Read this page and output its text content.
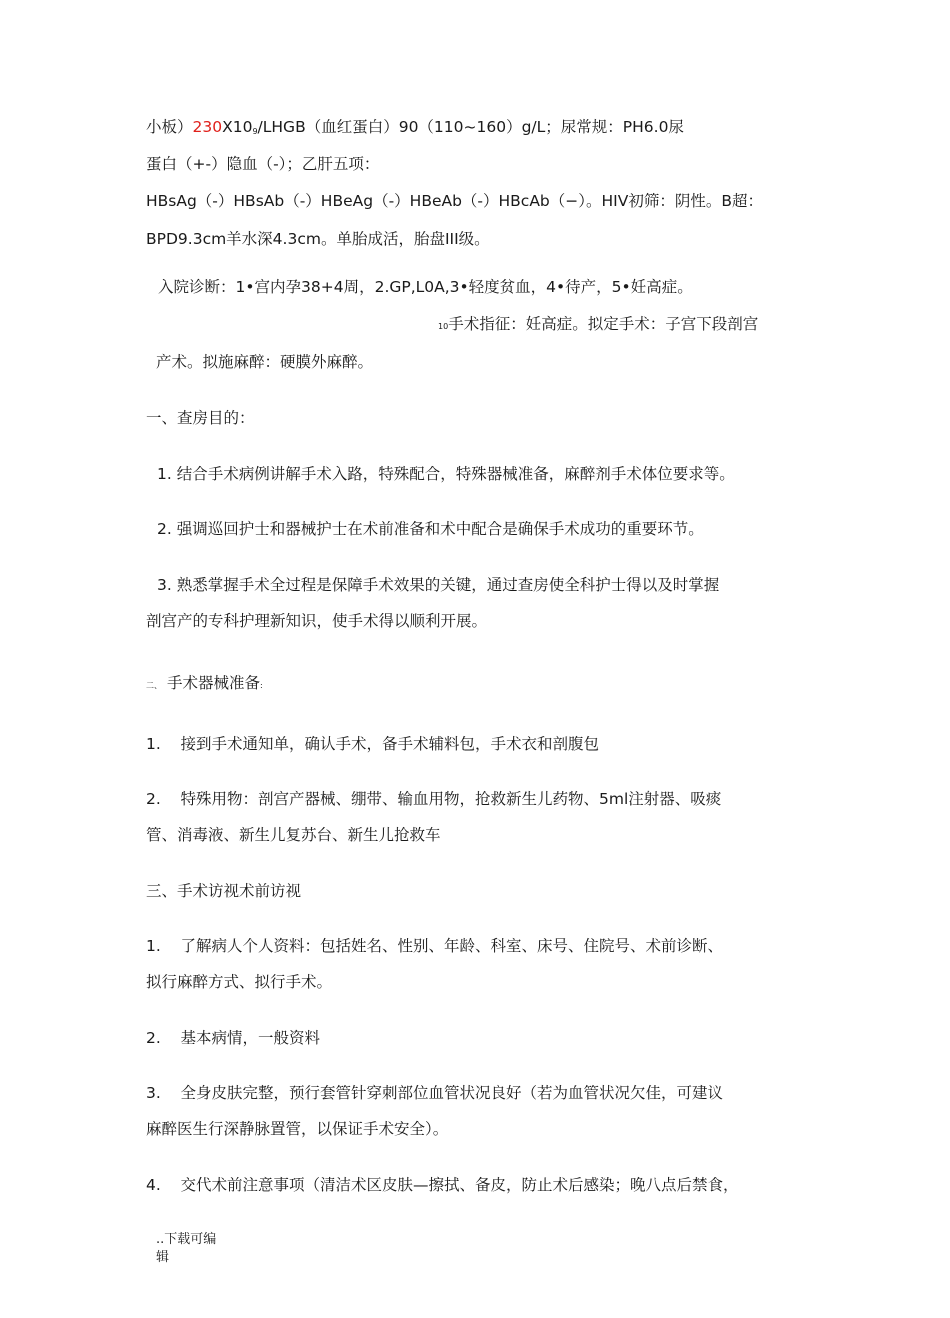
小板）$230X10_9/LHGB$（血红蛋白）90（110~160）g/L；尿常规：PH6.0尿
蛋白（+-）隐血（-）；乙肝五项：
HBsAg（-）HBsAb（-）HBeAg（-）HBeAb（-）HBcAb（−）。HIV初筛：阴性。B超：
BPD9.3cm羊水深4.3cm。单胎成活，胎盘III级。
入院诊断：1•宫内孕38+4周，2.GP,L0A,3•轻度贫血，4•待产，5•妊高症。
10手术指征：妊高症。拟定手术：子宫下段剖宫
产术。拟施麻醉：硬膜外麻醉。
一、查房目的：
1. 结合手术病例讲解手术入路，特殊配合，特殊器械准备，麻醉剂手术体位要求等。
2. 强调巡回护士和器械护士在术前准备和术中配合是确保手术成功的重要环节。
3. 熟悉掌握手术全过程是保障手术效果的关键，通过查房使全科护士得以及时掌握
剖宫产的专科护理新知识，使手术得以顺利开展。
二、 手术器械准备:
1.    接到手术通知单，确认手术，备手术辅料包，手术衣和剖腹包
2.    特殊用物：剖宫产器械、绷带、输血用物，抢救新生儿药物、5ml注射器、吸痰
管、消毒液、新生儿复苏台、新生儿抢救车
三、手术访视术前访视
1.    了解病人个人资料：包括姓名、性别、年龄、科室、床号、住院号、术前诊断、
拟行麻醉方式、拟行手术。
2.    基本病情，一般资料
3.    全身皮肤完整，预行套管针穿刺部位血管状况良好（若为血管状况欠佳，可建议
麻醉医生行深静脉置管，以保证手术安全）。
4.    交代术前注意事项（清洁术区皮肤—擦拭、备皮，防止术后感染；晚八点后禁食，
..下载可编
辑
